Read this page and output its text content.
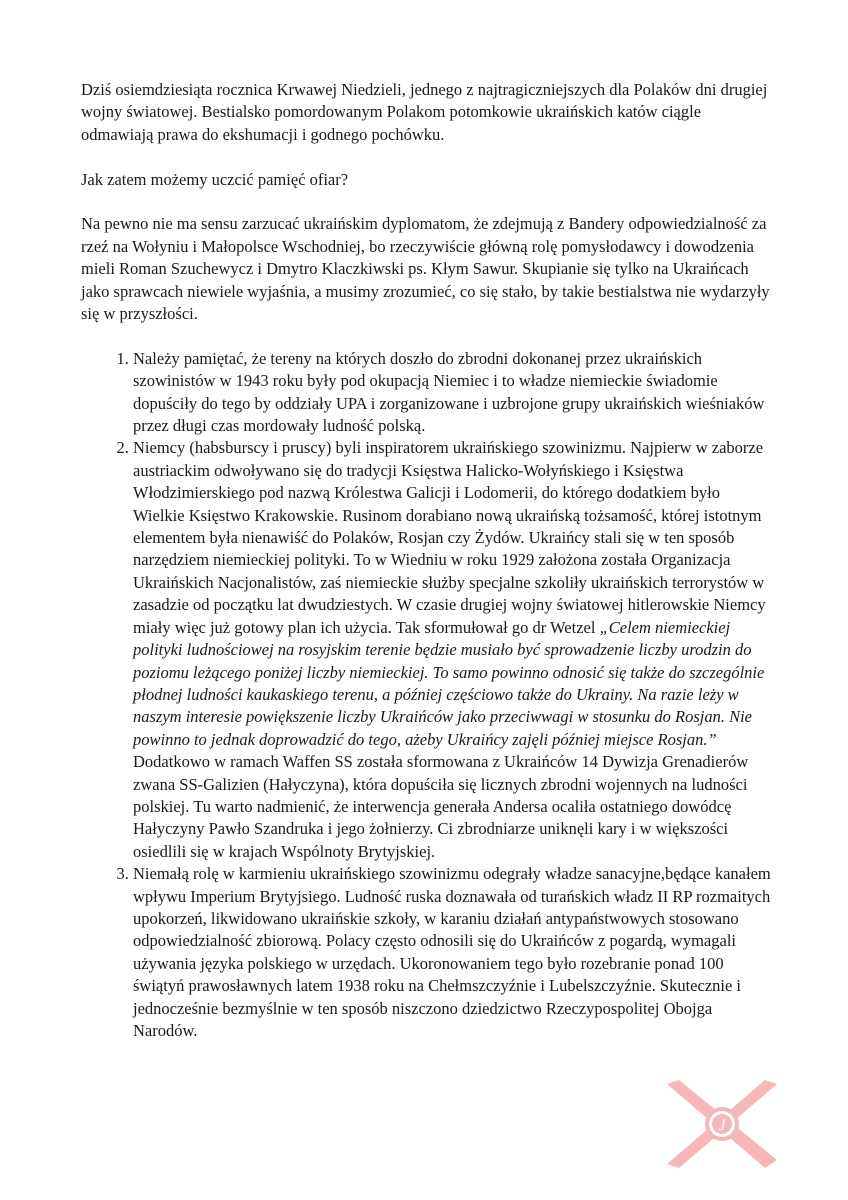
Dziś osiemdziesiąta rocznica Krwawej Niedzieli, jednego z najtragiczniejszych dla Polaków dni drugiej wojny światowej. Bestialsko pomordowanym Polakom potomkowie ukraińskich katów ciągle odmawiają prawa do ekshumacji i godnego pochówku.

Jak zatem możemy uczcić pamięć ofiar?

Na pewno nie ma sensu zarzucać ukraińskim dyplomatom, że zdejmują z Bandery odpowiedzialność za rzeź na Wołyniu i Małopolsce Wschodniej, bo rzeczywiście główną rolę pomysłodawcy i dowodzenia mieli Roman Szuchewycz i Dmytro Klaczkiwski ps. Kłym Sawur. Skupianie się tylko na Ukraińcach jako sprawcach niewiele wyjaśnia, a musimy zrozumieć, co się stało, by takie bestialstwa nie wydarzyły się w przyszłości.

1. Należy pamiętać, że tereny na których doszło do zbrodni dokonanej przez ukraińskich szowinistów w 1943 roku były pod okupacją Niemiec i to władze niemieckie świadomie dopuściły do tego by oddziały UPA i zorganizowane i uzbrojone grupy ukraińskich wieśniaków przez długi czas mordowały ludność polską.
2. Niemcy (habsburscy i pruscy) byli inspiratorem ukraińskiego szowinizmu. Najpierw w zaborze austriackim odwoływano się do tradycji Księstwa Halicko-Wołyńskiego i Księstwa Włodzimierskiego pod nazwą Królestwa Galicji i Lodomerii, do którego dodatkiem było Wielkie Księstwo Krakowskie. Rusinom dorabiano nową ukraińską tożsamość, której istotnym elementem była nienawiść do Polaków, Rosjan czy Żydów. Ukraińcy stali się w ten sposób narzędziem niemieckiej polityki. To w Wiedniu w roku 1929 założona została Organizacja Ukraińskich Nacjonalistów, zaś niemieckie służby specjalne szkoliły ukraińskich terrorystów w zasadzie od początku lat dwudziestych. W czasie drugiej wojny światowej hitlerowskie Niemcy miały więc już gotowy plan ich użycia. Tak sformułował go dr Wetzel „Celem niemieckiej polityki ludnościowej na rosyjskim terenie będzie musiało być sprowadzenie liczby urodzin do poziomu leżącego poniżej liczby niemieckiej. To samo powinno odnosić się także do szczególnie płodnej ludności kaukaskiego terenu, a później częściowo także do Ukrainy. Na razie leży w naszym interesie powiększenie liczby Ukraińców jako przeciwwagi w stosunku do Rosjan. Nie powinno to jednak doprowadzić do tego, ażeby Ukraińcy zajęli później miejsce Rosjan.” Dodatkowo w ramach Waffen SS została sformowana z Ukraińców 14 Dywizja Grenadierów zwana SS-Galizien (Hałyczyna), która dopuściła się licznych zbrodni wojennych na ludności polskiej. Tu warto nadmienić, że interwencja generała Andersa ocaliła ostatniego dowódcę Hałyczyny Pawło Szandruka i jego żołnierzy. Ci zbrodniarze uniknęli kary i w większości osiedlili się w krajach Wspólnoty Brytyjskiej.
3. Niemałą rolę w karmieniu ukraińskiego szowinizmu odegrały władze sanacyjne,będące kanałem wpływu Imperium Brytyjsiego. Ludność ruska doznawała od turańskich władz II RP rozmaitych upokorzeń, likwidowano ukraińskie szkoły, w karaniu działań antypaństwowych stosowano odpowiedzialność zbiorową. Polacy często odnosili się do Ukraińców z pogardą, wymagali używania języka polskiego w urzędach. Ukoronowaniem tego było rozebranie ponad 100 świątyń prawosławnych latem 1938 roku na Chełmszczyźnie i Lubelszczyźnie. Skutecznie i jednocześnie bezmyślnie w ten sposób niszczono dziedzictwo Rzeczypospolitej Obojga Narodów.
J
